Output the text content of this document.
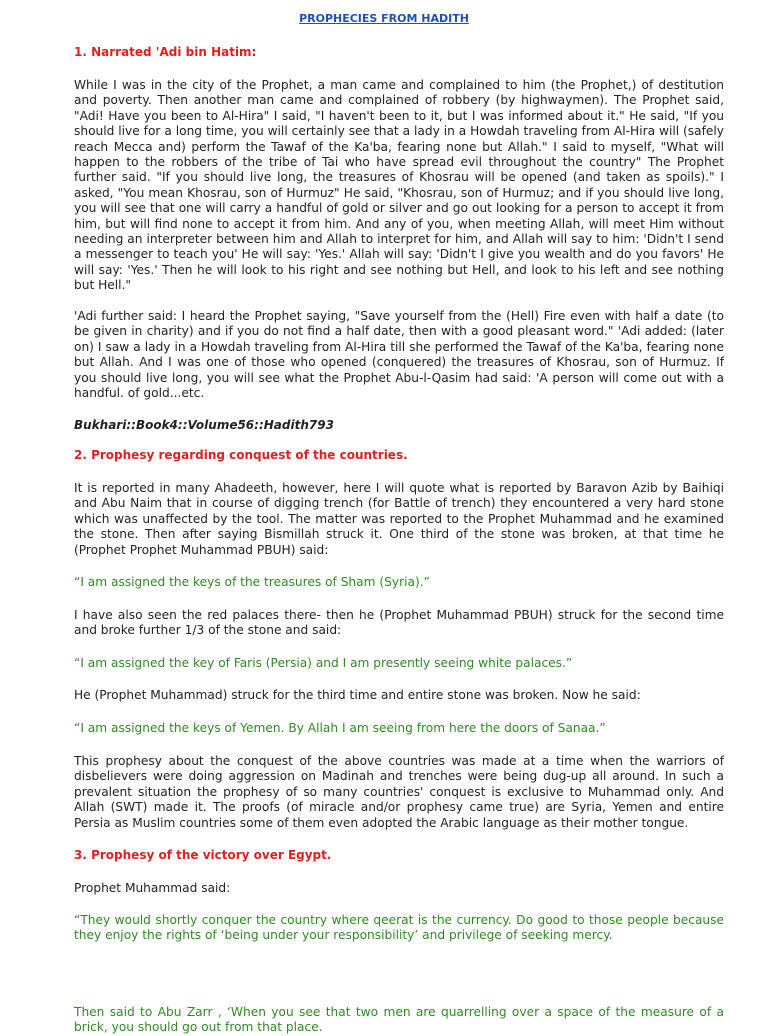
PROPHECIES FROM HADITH
1. Narrated 'Adi bin Hatim:
While I was in the city of the Prophet, a man came and complained to him (the Prophet,) of destitution and poverty. Then another man came and complained of robbery (by highwaymen). The Prophet said, "Adi! Have you been to Al-Hira" I said, "I haven't been to it, but I was informed about it." He said, "If you should live for a long time, you will certainly see that a lady in a Howdah traveling from Al-Hira will (safely reach Mecca and) perform the Tawaf of the Ka'ba, fearing none but Allah." I said to myself, "What will happen to the robbers of the tribe of Tai who have spread evil throughout the country" The Prophet further said. "If you should live long, the treasures of Khosrau will be opened (and taken as spoils)." I asked, "You mean Khosrau, son of Hurmuz" He said, "Khosrau, son of Hurmuz; and if you should live long, you will see that one will carry a handful of gold or silver and go out looking for a person to accept it from him, but will find none to accept it from him. And any of you, when meeting Allah, will meet Him without needing an interpreter between him and Allah to interpret for him, and Allah will say to him: 'Didn't I send a messenger to teach you' He will say: 'Yes.' Allah will say: 'Didn't I give you wealth and do you favors' He will say: 'Yes.' Then he will look to his right and see nothing but Hell, and look to his left and see nothing but Hell."
'Adi further said: I heard the Prophet saying, "Save yourself from the (Hell) Fire even with half a date (to be given in charity) and if you do not find a half date, then with a good pleasant word." 'Adi added: (later on) I saw a lady in a Howdah traveling from Al-Hira till she performed the Tawaf of the Ka'ba, fearing none but Allah. And I was one of those who opened (conquered) the treasures of Khosrau, son of Hurmuz. If you should live long, you will see what the Prophet Abu-l-Qasim had said: 'A person will come out with a handful. of gold...etc.
Bukhari::Book4::Volume56::Hadith793
2. Prophesy regarding conquest of the countries.
It is reported in many Ahadeeth, however, here I will quote what is reported by Baravon Azib by Baihiqi and Abu Naim that in course of digging trench (for Battle of trench) they encountered a very hard stone which was unaffected by the tool. The matter was reported to the Prophet Muhammad and he examined the stone. Then after saying Bismillah struck it. One third of the stone was broken, at that time he (Prophet Prophet Muhammad PBUH) said:
“I am assigned the keys of the treasures of Sham (Syria).”
I have also seen the red palaces there- then he (Prophet Muhammad PBUH) struck for the second time and broke further 1/3 of the stone and said:
“I am assigned the key of Faris (Persia) and I am presently seeing white palaces.”
He (Prophet Muhammad) struck for the third time and entire stone was broken. Now he said:
“I am assigned the keys of Yemen. By Allah I am seeing from here the doors of Sanaa.”
This prophesy about the conquest of the above countries was made at a time when the warriors of disbelievers were doing aggression on Madinah and trenches were being dug-up all around. In such a prevalent situation the prophesy of so many countries' conquest is exclusive to Muhammad only. And Allah (SWT) made it. The proofs (of miracle and/or prophesy came true) are Syria, Yemen and entire Persia as Muslim countries some of them even adopted the Arabic language as their mother tongue.
3. Prophesy of the victory over Egypt.
Prophet Muhammad said:
“They would shortly conquer the country where qeerat is the currency. Do good to those people because they enjoy the rights of ‘being under your responsibility’ and privilege of seeking mercy.
Then said to Abu Zarr , ‘When you see that two men are quarrelling over a space of the measure of a brick, you should go out from that place.
